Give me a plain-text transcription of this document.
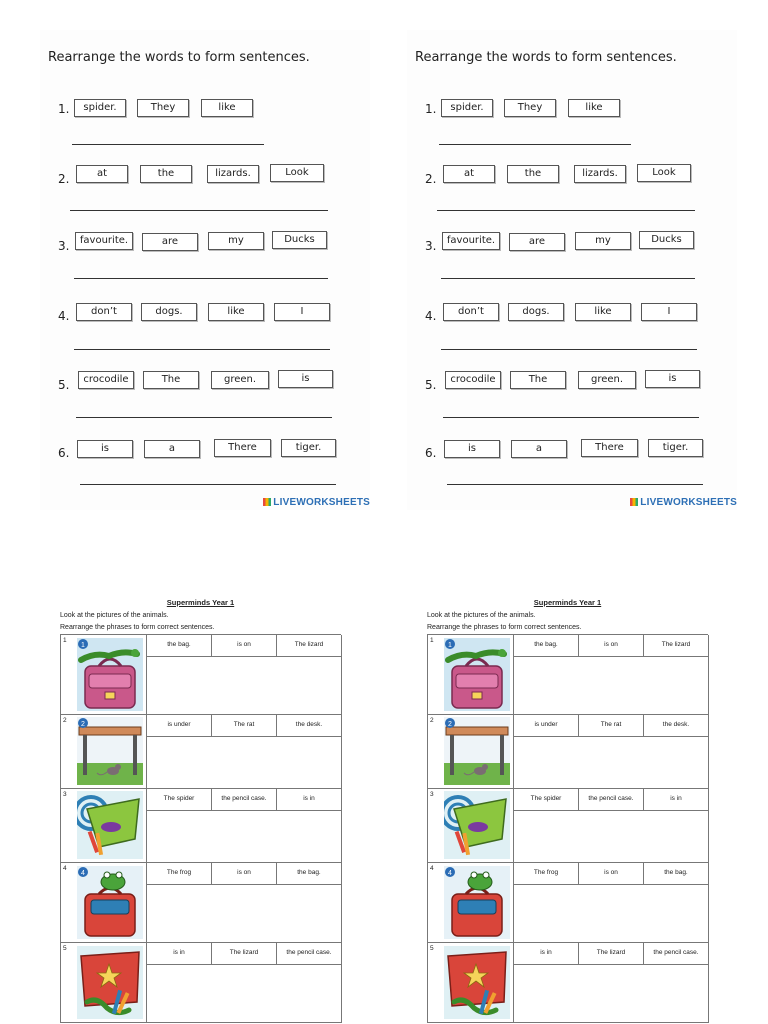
Rearrange the words to form sentences.
1.	spider.	They	like
2.	at	the	lizards.	Look
3.	favourite.	are	my	Ducks
4.	don’t	dogs.	like	I
5.	crocodile	The	green.	is
6.	is	a	There	tiger.
LIVEWORKSHEETS
Rearrange the words to form sentences.
1.	spider.	They	like
2.	at	the	lizards.	Look
3.	favourite.	are	my	Ducks
4.	don’t	dogs.	like	I
5.	crocodile	The	green.	is
6.	is	a	There	tiger.
LIVEWORKSHEETS
Superminds Year 1
Look at the pictures of the animals.
Rearrange the phrases to form correct sentences.
1
1	the bag.	is on	The lizard
2
2	is under	The rat	the desk.
3
The spider	the pencil case.	is in
4
4	The frog	is on	the bag.
5
is in	The lizard	the pencil case.
Superminds Year 1
Look at the pictures of the animals.
Rearrange the phrases to form correct sentences.
1
1	the bag.	is on	The lizard
2
2	is under	The rat	the desk.
3
The spider	the pencil case.	is in
4
4	The frog	is on	the bag.
5
is in	The lizard	the pencil case.
